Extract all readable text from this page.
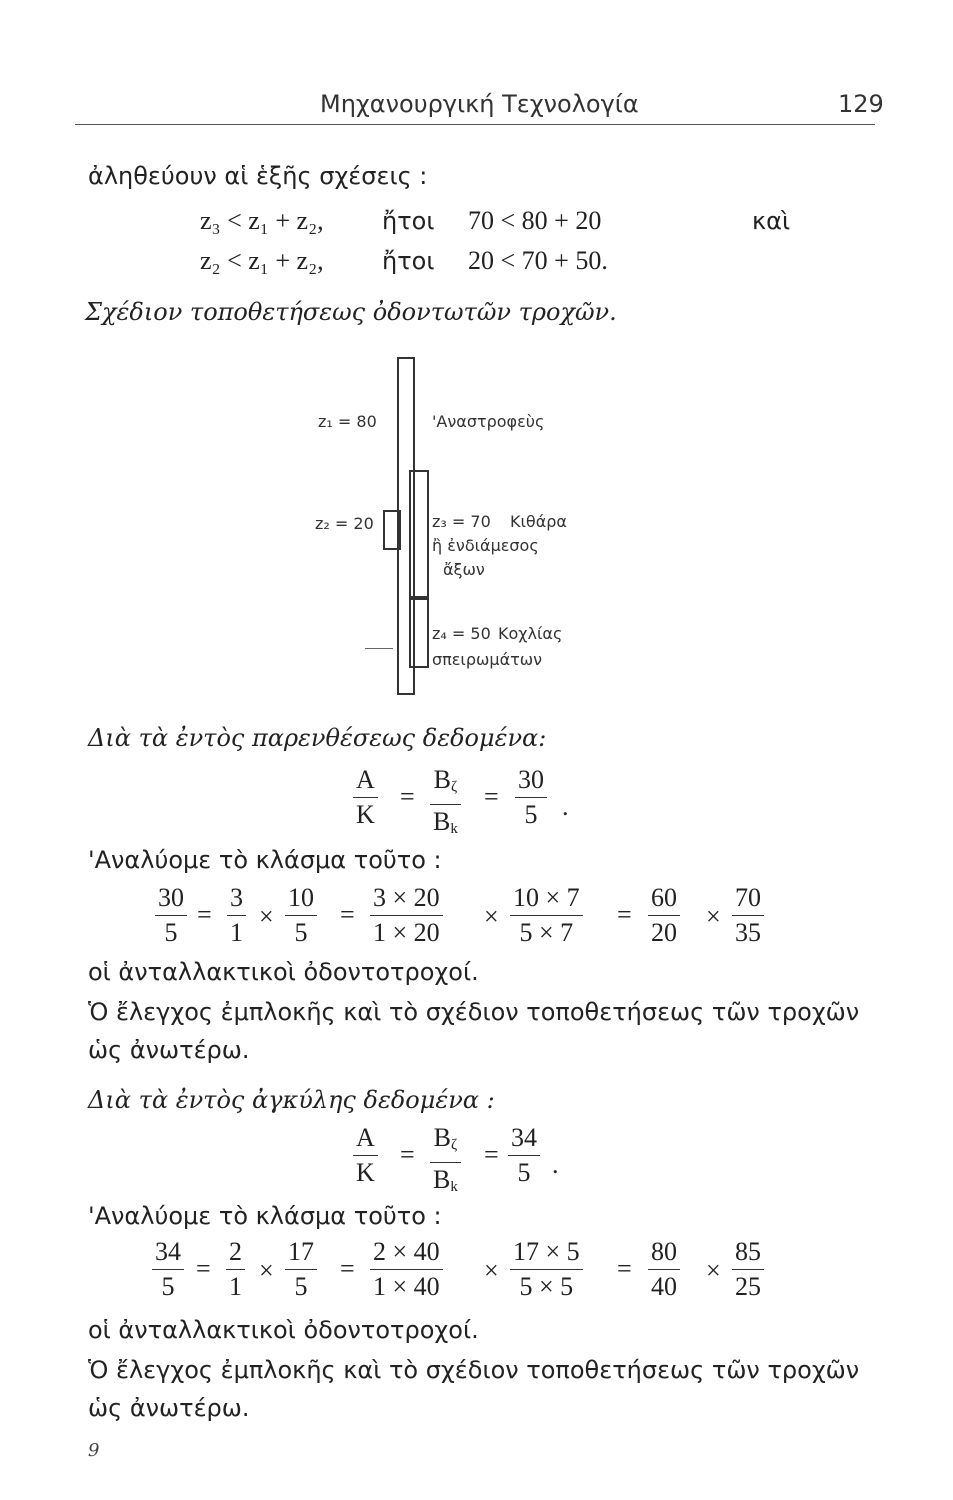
Μηχανουργική Τεχνολογία	129
ἀληθεύουν αἱ ἑξῆς σχέσεις :
z₃ < z₁ + z₂, ἤτοι 70 < 80 + 20	καὶ
z₂ < z₁ + z₂, ἤτοι 20 < 70 + 50.
Σχέδιον τοποθετήσεως ὀδοντωτῶν τροχῶν.
z₁ = 80	'Αναστροφεὺς
z₂ = 20	z₃ = 70 Κιθάρα
ἢ ἐνδιάμεσος
ἄξων
z₄ = 50 Κοχλίας
σπειρωμάτων
Διὰ τὰ ἐντὸς παρενθέσεως δεδομένα:
A
K
=
Bζ
Bk
=
30
5 .
'Αναλύομε τὸ κλάσμα τοῦτο :
30
5
=
3
1
×
10
5
=
3 × 20
1 × 20
×
10 × 7
5 × 7
=
60
20
×
70
35
οἱ ἀνταλλακτικοὶ ὀδοντοτροχοί.
Ὁ ἔλεγχος ἐμπλοκῆς καὶ τὸ σχέδιον τοποθετήσεως τῶν τροχῶν
ὡς ἀνωτέρω.
Διὰ τὰ ἐντὸς ἀγκύλης δεδομένα :
A
K
=
Bζ
Bk
=
34
5 .
'Αναλύομε τὸ κλάσμα τοῦτο :
34
5
=
2
1
×
17
5
=
2 × 40
1 × 40
×
17 × 5
5 × 5
=
80
40
×
85
25
οἱ ἀνταλλακτικοὶ ὀδοντοτροχοί.
Ὁ ἔλεγχος ἐμπλοκῆς καὶ τὸ σχέδιον τοποθετήσεως τῶν τροχῶν
ὡς ἀνωτέρω.
9
